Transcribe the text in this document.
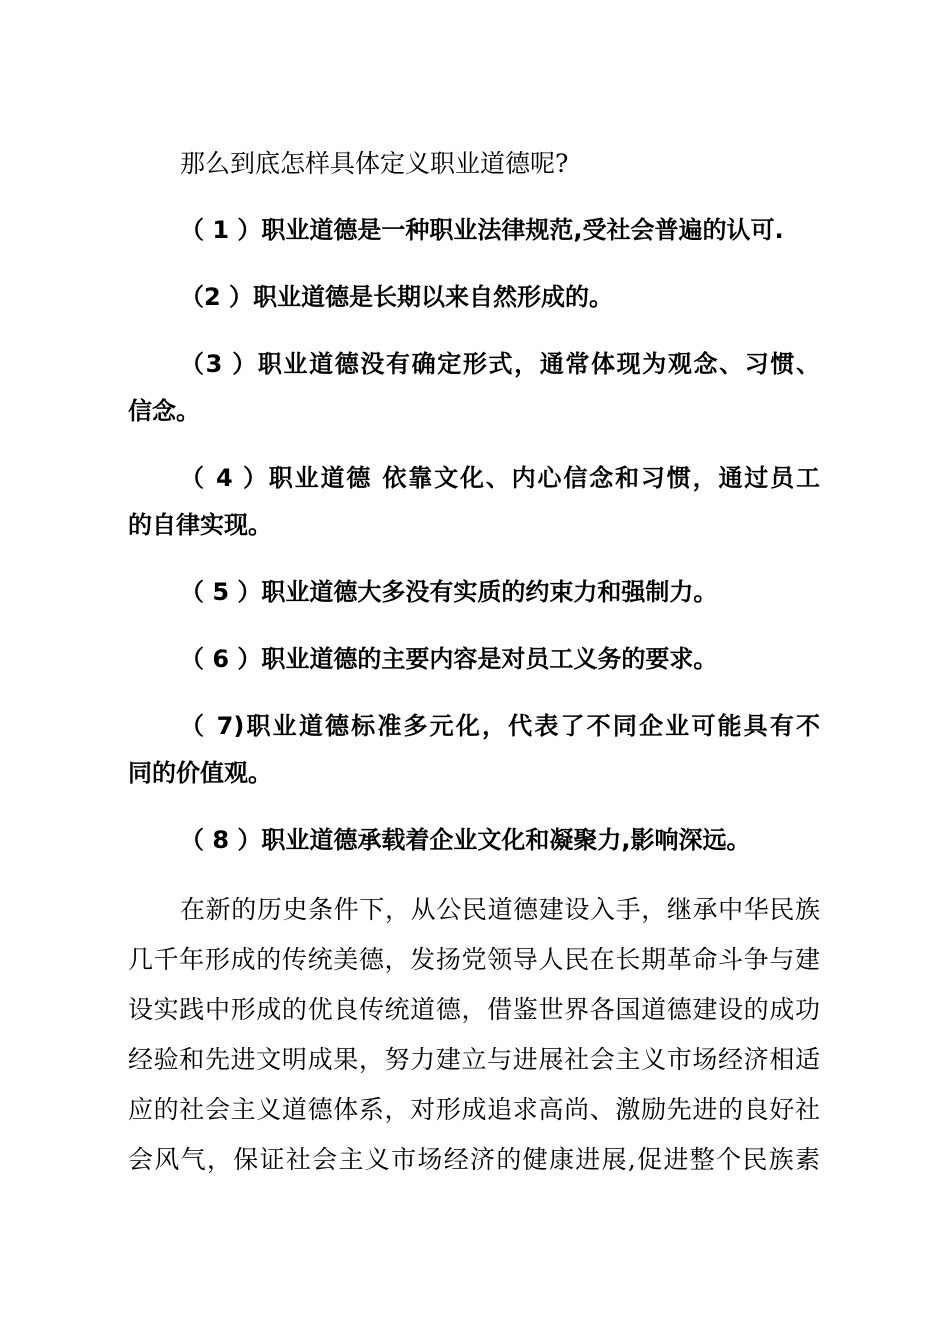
那么到底怎样具体定义职业道德呢?
（ 1 ）职业道德是一种职业法律规范,受社会普遍的认可.
（2 ）职业道德是长期以来自然形成的。
（3 ）职业道德没有确定形式，通常体现为观念、习惯、
信念。
（ 4 ）职业道德 依靠文化、内心信念和习惯，通过员工
的自律实现。
（ 5 ）职业道德大多没有实质的约束力和强制力。
（ 6 ）职业道德的主要内容是对员工义务的要求。
（ 7)职业道德标准多元化，代表了不同企业可能具有不
同的价值观。
（ 8 ）职业道德承载着企业文化和凝聚力,影响深远。
在新的历史条件下，从公民道德建设入手，继承中华民族
几千年形成的传统美德，发扬党领导人民在长期革命斗争与建
设实践中形成的优良传统道德，借鉴世界各国道德建设的成功
经验和先进文明成果，努力建立与进展社会主义市场经济相适
应的社会主义道德体系，对形成追求高尚、激励先进的良好社
会风气，保证社会主义市场经济的健康进展,促进整个民族素
